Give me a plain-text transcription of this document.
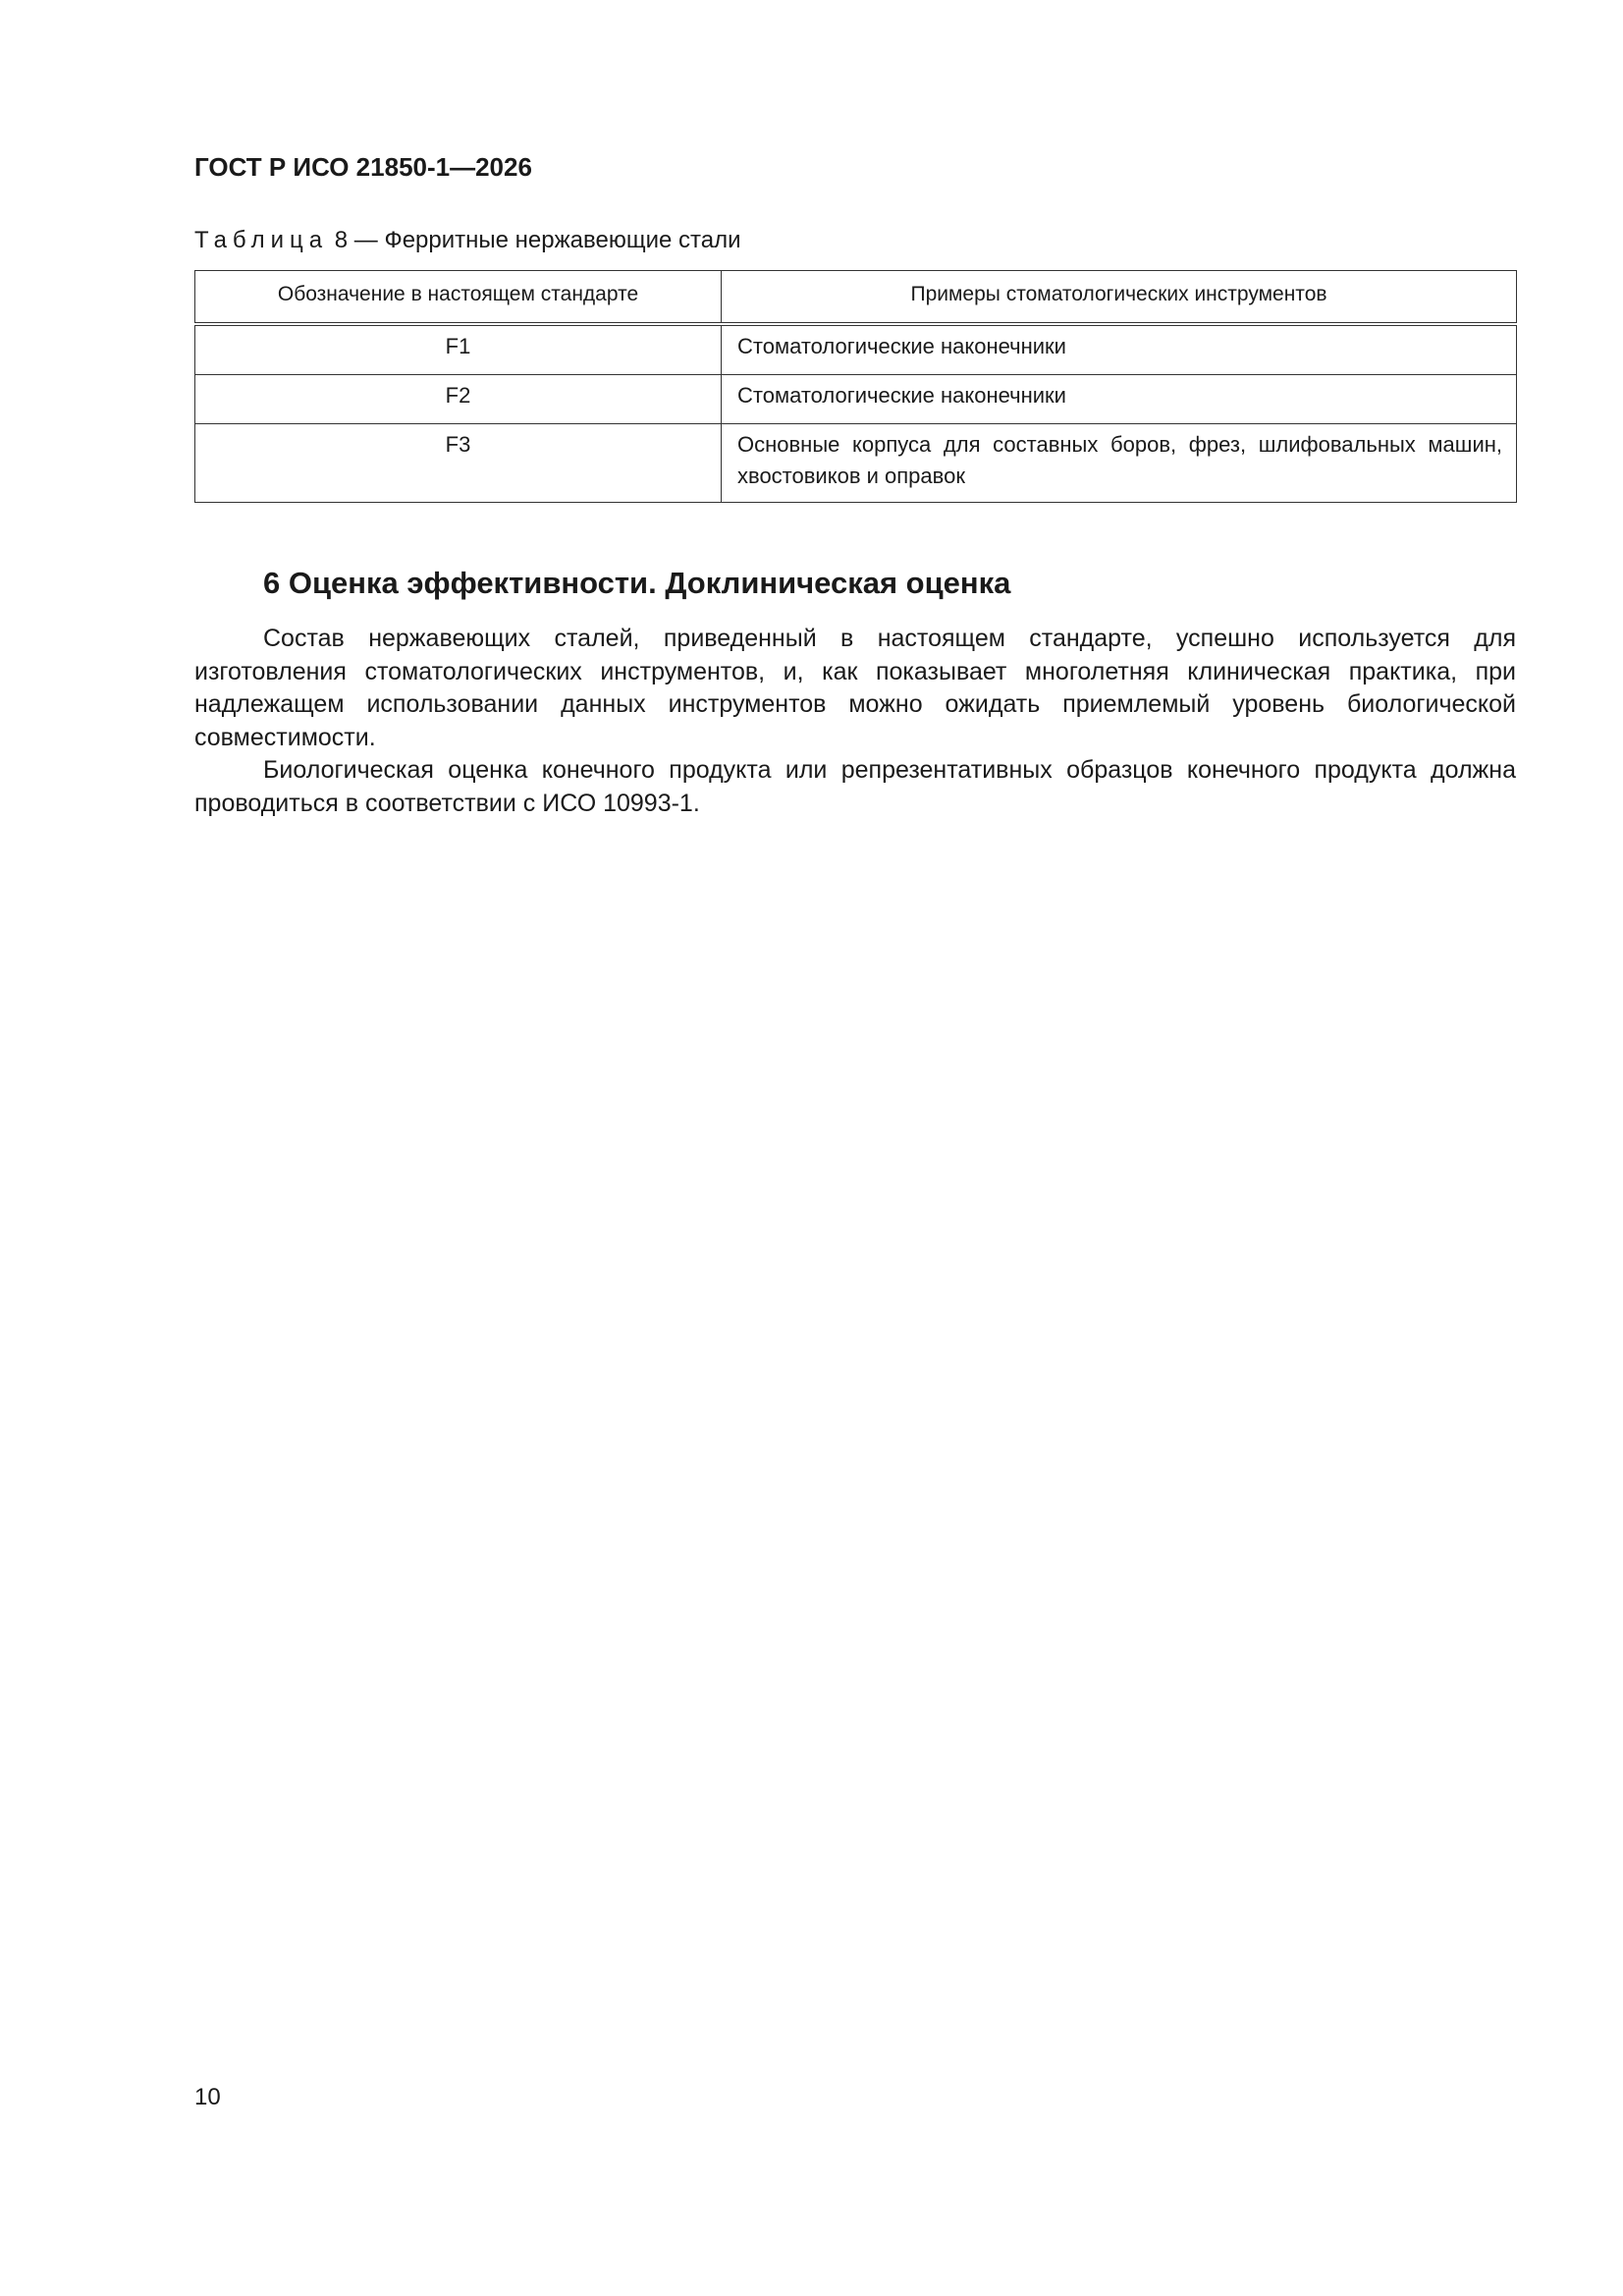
ГОСТ Р ИСО 21850-1—2026
Таблица 8 — Ферритные нержавеющие стали
Обозначение в настоящем стандарте	Примеры стоматологических инструментов
F1	Стоматологические наконечники
F2	Стоматологические наконечники
F3	Основные корпуса для составных боров, фрез, шлифовальных машин, хвостовиков и оправок
6 Оценка эффективности. Доклиническая оценка

Состав нержавеющих сталей, приведенный в настоящем стандарте, успешно используется для изготовления стоматологических инструментов, и, как показывает многолетняя клиническая практика, при надлежащем использовании данных инструментов можно ожидать приемлемый уровень биологической совместимости.

Биологическая оценка конечного продукта или репрезентативных образцов конечного продукта должна проводиться в соответствии с ИСО 10993-1.

10
